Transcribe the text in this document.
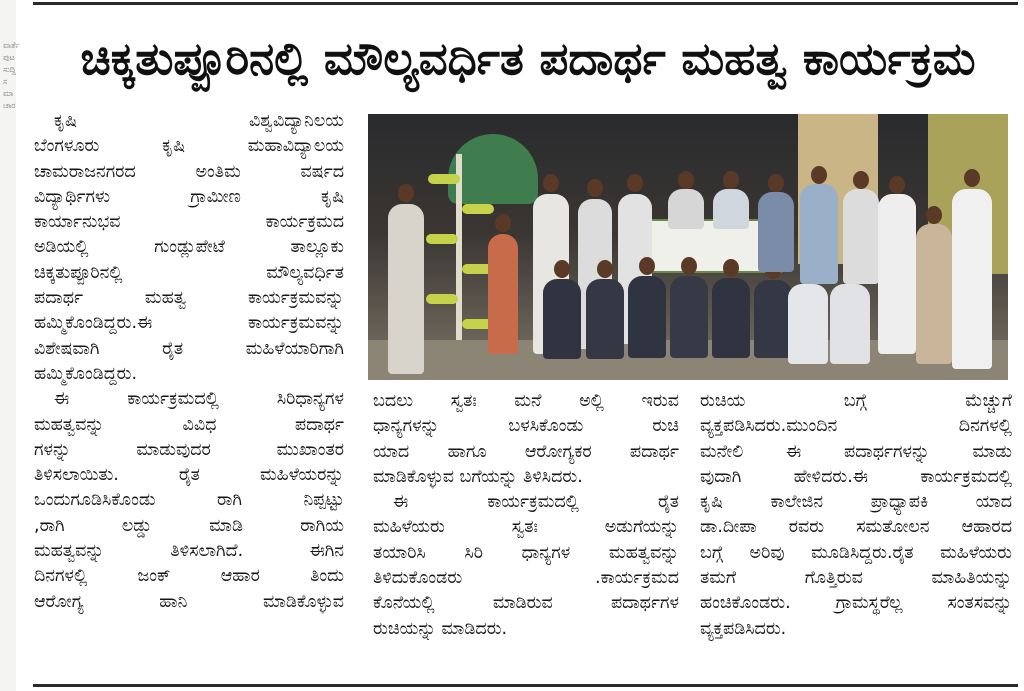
ವಾರ್ತೆ ಪುಟ ಸುದ್ದಿ ಸಮಾಚಾರ
ಚಿಕ್ಕತುಪ್ಪೂರಿನಲ್ಲಿ ಮೌಲ್ಯವರ್ಧಿತ ಪದಾರ್ಥ ಮಹತ್ವ ಕಾರ್ಯಕ್ರಮ

ಕೃಷಿ ವಿಶ್ವವಿದ್ಯಾನಿಲಯ

ಬೆಂಗಳೂರು ಕೃಷಿ ಮಹಾವಿದ್ಯಾಲಯ

ಚಾಮರಾಜನಗರದ ಅಂತಿಮ ವರ್ಷದ

ವಿದ್ಯಾರ್ಥಿಗಳು ಗ್ರಾಮೀಣ ಕೃಷಿ

ಕಾರ್ಯಾನುಭವ ಕಾರ್ಯಕ್ರಮದ

ಅಡಿಯಲ್ಲಿ ಗುಂಡ್ಲುಪೇಟೆ ತಾಲ್ಲೂಕು

ಚಿಕ್ಕತುಪ್ಪೂರಿನಲ್ಲಿ ಮೌಲ್ಯವರ್ಧಿತ

ಪದಾರ್ಥ ಮಹತ್ವ ಕಾರ್ಯಕ್ರಮವನ್ನು

ಹಮ್ಮಿಕೊಂಡಿದ್ದರು.ಈ ಕಾರ್ಯಕ್ರಮವನ್ನು

ವಿಶೇಷವಾಗಿ ರೈತ ಮಹಿಳೆಯಾರಿಗಾಗಿ

ಹಮ್ಮಿಕೊಂಡಿದ್ದರು.

ಈ ಕಾರ್ಯಕ್ರಮದಲ್ಲಿ ಸಿರಿಧಾನ್ಯಗಳ

ಮಹತ್ವವನ್ನು ವಿವಿಧ ಪದಾರ್ಥ

ಗಳನ್ನು ಮಾಡುವುದರ ಮುಖಾಂತರ

ತಿಳಿಸಲಾಯಿತು. ರೈತ ಮಹಿಳೆಯರನ್ನು

ಒಂದುಗೂಡಿಸಿಕೊಂಡು ರಾಗಿ ನಿಪ್ಪಟ್ಟು

,ರಾಗಿ ಲಡ್ಡು ಮಾಡಿ ರಾಗಿಯ

ಮಹತ್ವವನ್ನು ತಿಳಿಸಲಾಗಿದೆ. ಈಗಿನ

ದಿನಗಳಲ್ಲಿ ಜಂಕ್ ಆಹಾರ ತಿಂದು

ಆರೋಗ್ಯ ಹಾನಿ ಮಾಡಿಕೊಳ್ಳುವ

ಬದಲು ಸ್ವತಃ ಮನೆ ಅಲ್ಲಿ ಇರುವ

ಧಾನ್ಯಗಳನ್ನು ಬಳಸಿಕೊಂಡು ರುಚಿ

ಯಾದ ಹಾಗೂ ಆರೋಗ್ಯಕರ ಪದಾರ್ಥ

ಮಾಡಿಕೊಳ್ಳುವ ಬಗೆಯನ್ನು ತಿಳಿಸಿದರು.

ಈ ಕಾರ್ಯಕ್ರಮದಲ್ಲಿ ರೈತ

ಮಹಿಳೆಯರು ಸ್ವತಃ ಅಡುಗೆಯನ್ನು

ತಯಾರಿಸಿ ಸಿರಿ ಧಾನ್ಯಗಳ ಮಹತ್ವವನ್ನು

ತಿಳಿದುಕೊಂಡರು .ಕಾರ್ಯಕ್ರಮದ

ಕೊನೆಯಲ್ಲಿ ಮಾಡಿರುವ ಪದಾರ್ಥಗಳ

ರುಚಿಯನ್ನು ಮಾಡಿದರು.

ರುಚಿಯ ಬಗ್ಗೆ ಮೆಚ್ಚುಗೆ

ವ್ಯಕ್ತಪಡಿಸಿದರು.ಮುಂದಿನ ದಿನಗಳಲ್ಲಿ

ಮನೇಲಿ ಈ ಪದಾರ್ಥಗಳನ್ನು ಮಾಡು

ವುದಾಗಿ ಹೇಳಿದರು.ಈ ಕಾರ್ಯಕ್ರಮದಲ್ಲಿ

ಕೃಷಿ ಕಾಲೇಜಿನ ಪ್ರಾಧ್ಯಾಪಕಿ ಯಾದ

ಡಾ.ದೀಪಾ ರವರು ಸಮತೋಲನ ಆಹಾರದ

ಬಗ್ಗೆ ಅರಿವು ಮೂಡಿಸಿದ್ದರು.ರೈತ ಮಹಿಳೆಯರು

ತಮಗೆ ಗೊತ್ತಿರುವ ಮಾಹಿತಿಯನ್ನು

ಹಂಚಿಕೊಂಡರು. ಗ್ರಾಮಸ್ಥರೆಲ್ಲ ಸಂತಸವನ್ನು

ವ್ಯಕ್ತಪಡಿಸಿದರು.
